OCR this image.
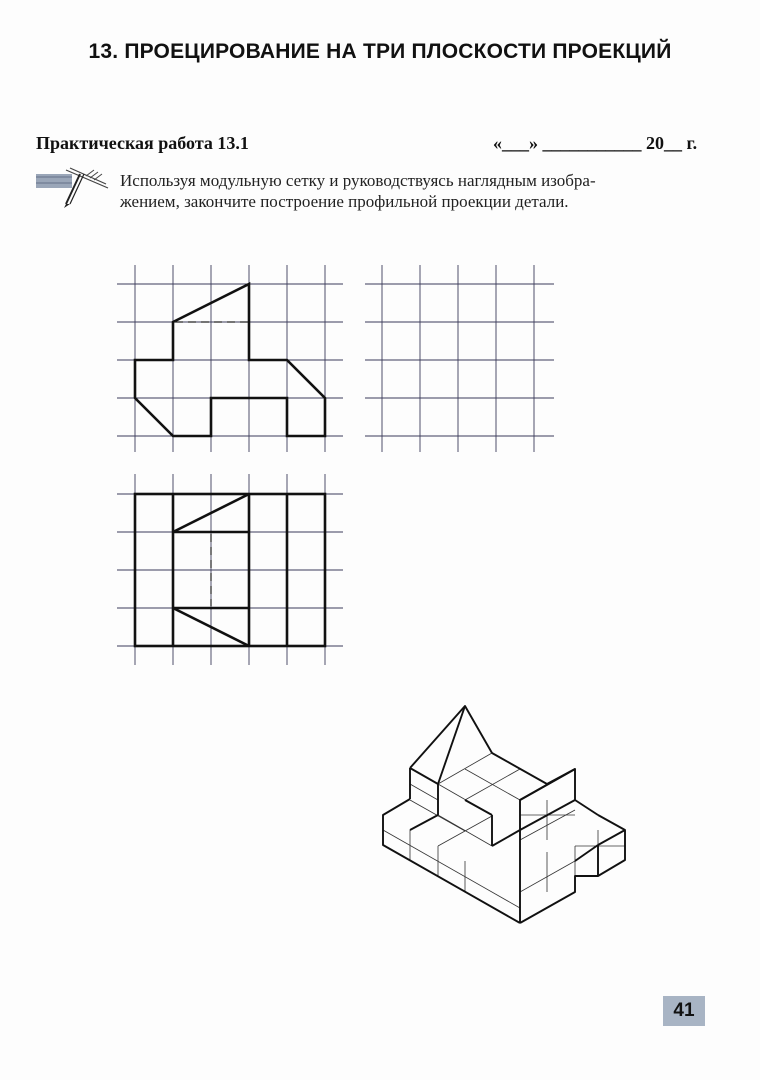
13. ПРОЕЦИРОВАНИЕ НА ТРИ ПЛОСКОСТИ ПРОЕКЦИЙ
Практическая работа 13.1	«___» ___________ 20__ г.
Используя модульную сетку и руководствуясь наглядным изобра-
жением, закончите построение профильной проекции детали.
41
